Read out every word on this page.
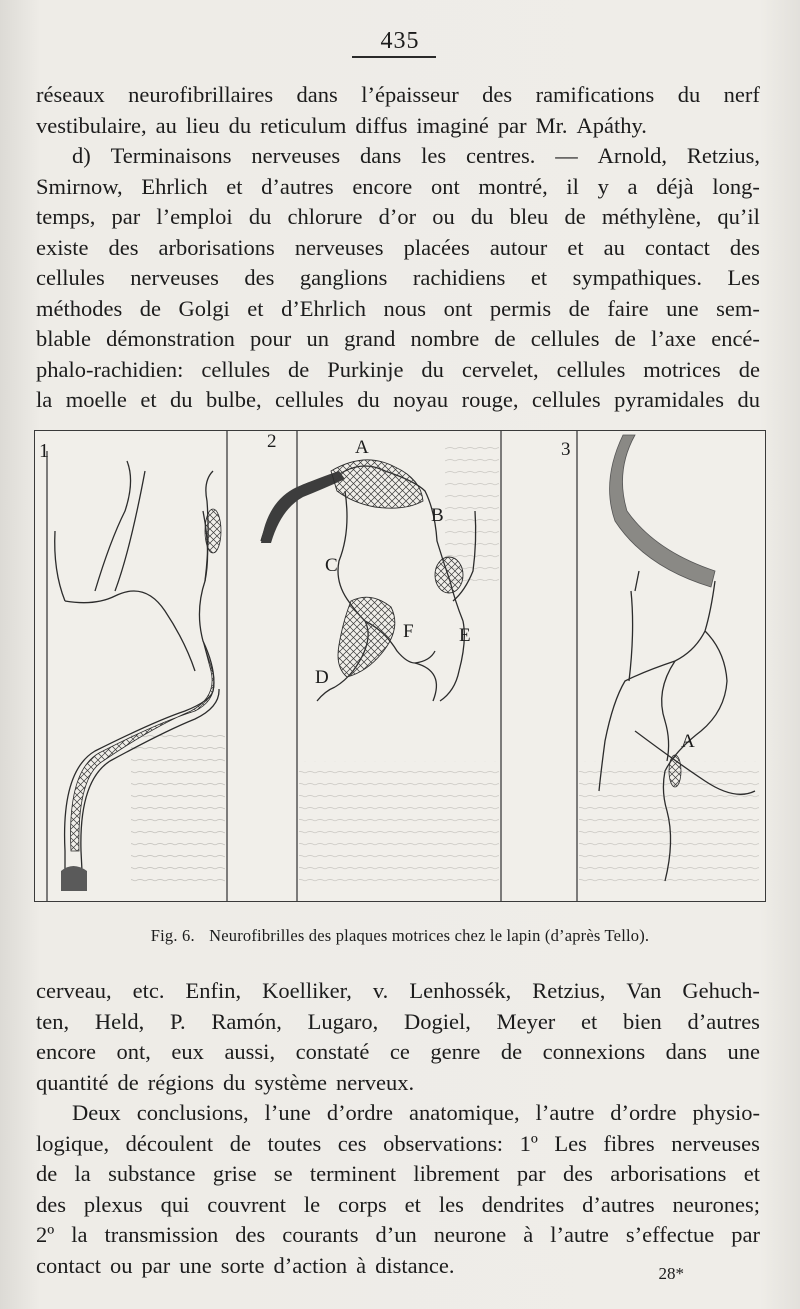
435
réseaux neurofibrillaires dans l’épaisseur des ramifications du nerf
vestibulaire, au lieu du reticulum diffus imaginé par Mr. Apáthy.
d) Terminaisons nerveuses dans les centres. — Arnold, Retzius,
Smirnow, Ehrlich et d’autres encore ont montré, il y a déjà long-
temps, par l’emploi du chlorure d’or ou du bleu de méthylène, qu’il
existe des arborisations nerveuses placées autour et au contact des
cellules nerveuses des ganglions rachidiens et sympathiques. Les
méthodes de Golgi et d’Ehrlich nous ont permis de faire une sem-
blable démonstration pour un grand nombre de cellules de l’axe encé-
phalo-rachidien: cellules de Purkinje du cervelet, cellules motrices de
la moelle et du bulbe, cellules du noyau rouge, cellules pyramidales du
1	2	A
B
C
D
E
F
3
A
Fig. 6. Neurofibrilles des plaques motrices chez le lapin (d’après Tello).
cerveau, etc. Enfin, Koelliker, v. Lenhossék, Retzius, Van Gehuch-
ten, Held, P. Ramón, Lugaro, Dogiel, Meyer et bien d’autres
encore ont, eux aussi, constaté ce genre de connexions dans une
quantité de régions du système nerveux.
Deux conclusions, l’une d’ordre anatomique, l’autre d’ordre physio-
logique, découlent de toutes ces observations: 1º Les fibres nerveuses
de la substance grise se terminent librement par des arborisations et
des plexus qui couvrent le corps et les dendrites d’autres neurones;
2º la transmission des courants d’un neurone à l’autre s’effectue par
contact ou par une sorte d’action à distance.	28*
